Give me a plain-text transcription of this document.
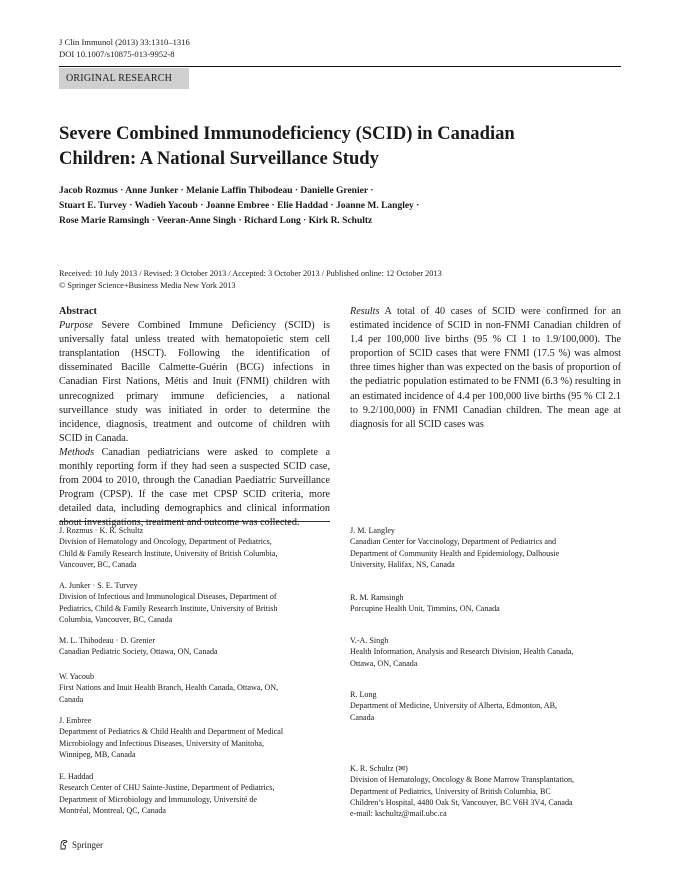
J Clin Immunol (2013) 33:1310–1316
DOI 10.1007/s10875-013-9952-8
ORIGINAL RESEARCH
Severe Combined Immunodeficiency (SCID) in Canadian
Children: A National Surveillance Study
Jacob Rozmus · Anne Junker · Melanie Laffin Thibodeau · Danielle Grenier ·
Stuart E. Turvey · Wadieh Yacoub · Joanne Embree · Elie Haddad · Joanne M. Langley ·
Rose Marie Ramsingh · Veeran-Anne Singh · Richard Long · Kirk R. Schultz
Received: 10 July 2013 / Revised: 3 October 2013 / Accepted: 3 October 2013 / Published online: 12 October 2013
© Springer Science+Business Media New York 2013

Abstract

Purpose Severe Combined Immune Deficiency (SCID) is universally fatal unless treated with hematopoietic stem cell transplantation (HSCT). Following the identification of disseminated Bacille Calmette-Guérin (BCG) infections in Canadian First Nations, Métis and Inuit (FNMI) children with unrecognized primary immune deficiencies, a national surveillance study was initiated in order to determine the incidence, diagnosis, treatment and outcome of children with SCID in Canada.

Methods Canadian pediatricians were asked to complete a monthly reporting form if they had seen a suspected SCID case, from 2004 to 2010, through the Canadian Paediatric Surveillance Program (CPSP). If the case met CPSP SCID criteria, more detailed data, including demographics and clinical information about investigations, treatment and outcome was collected.

Results A total of 40 cases of SCID were confirmed for an estimated incidence of SCID in non-FNMI Canadian children of 1.4 per 100,000 live births (95 % CI 1 to 1.9/100,000). The proportion of SCID cases that were FNMI (17.5 %) was almost three times higher than was expected on the basis of proportion of the pediatric population estimated to be FNMI (6.3 %) resulting in an estimated incidence of 4.4 per 100,000 live births (95 % CI 2.1 to 9.2/100,000) in FNMI Canadian children. The mean age at diagnosis for all SCID cases was

J. Rozmus · K. R. Schultz
Division of Hematology and Oncology, Department of Pediatrics,
Child & Family Research Institute, University of British Columbia,
Vancouver, BC, Canada
A. Junker · S. E. Turvey
Division of Infectious and Immunological Diseases, Department of
Pediatrics, Child & Family Research Institute, University of British
Columbia, Vancouver, BC, Canada
M. L. Thibodeau · D. Grenier
Canadian Pediatric Society, Ottawa, ON, Canada
W. Yacoub
First Nations and Inuit Health Branch, Health Canada, Ottawa, ON,
Canada
J. Embree
Department of Pediatrics & Child Health and Department of Medical
Microbiology and Infectious Diseases, University of Manitoba,
Winnipeg, MB, Canada
E. Haddad
Research Center of CHU Sainte-Justine, Department of Pediatrics,
Department of Microbiology and Immunology, Université de
Montréal, Montreal, QC, Canada
J. M. Langley
Canadian Center for Vaccinology, Department of Pediatrics and
Department of Community Health and Epidemiology, Dalhousie
University, Halifax, NS, Canada
R. M. Ramsingh
Porcupine Health Unit, Timmins, ON, Canada
V.-A. Singh
Health Information, Analysis and Research Division, Health Canada,
Ottawa, ON, Canada
R. Long
Department of Medicine, University of Alberta, Edmonton, AB,
Canada
K. R. Schultz (✉)
Division of Hematology, Oncology & Bone Marrow Transplantation,
Department of Pediatrics, University of British Columbia, BC
Children’s Hospital, 4480 Oak St, Vancouver, BC V6H 3V4, Canada
e-mail: kschultz@mail.ubc.ca
Springer
